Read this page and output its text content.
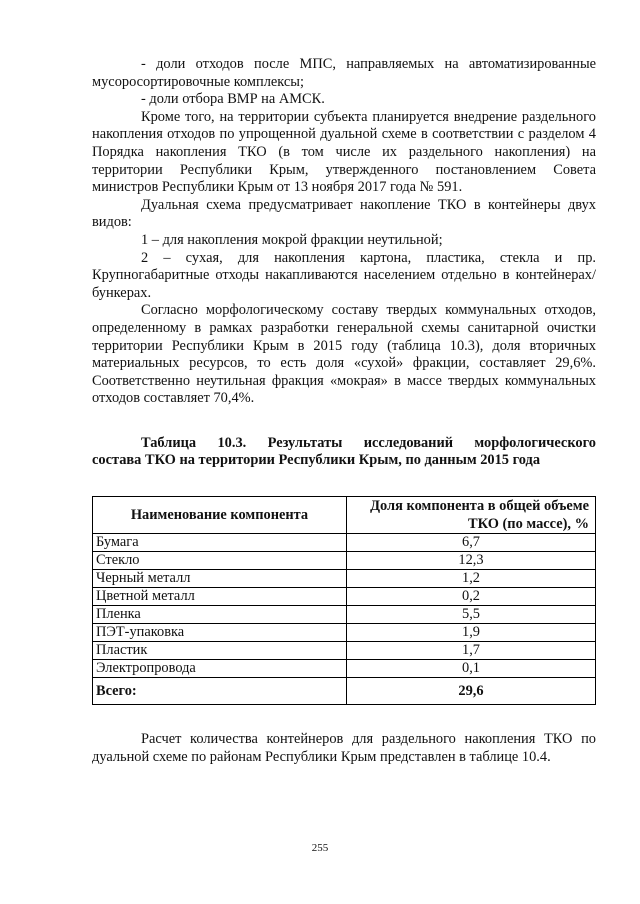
- доли отходов после МПС, направляемых на автоматизированные мусоросортировочные комплексы;

- доли отбора ВМР на АМСК.

Кроме того, на территории субъекта планируется внедрение раздельного накопления отходов по упрощенной дуальной схеме в соответствии с разделом 4 Порядка накопления ТКО (в том числе их раздельного накопления) на территории Республики Крым, утвержденного постановлением Совета министров Республики Крым от 13 ноября 2017 года № 591.

Дуальная схема предусматривает накопление ТКО в контейнеры двух видов:

1 – для накопления мокрой фракции неутильной;

2 – сухая, для накопления картона, пластика, стекла и пр. Крупногабаритные отходы накапливаются населением отдельно в контейнерах/бункерах.

Согласно морфологическому составу твердых коммунальных отходов, определенному в рамках разработки генеральной схемы санитарной очистки территории Республики Крым в 2015 году (таблица 10.3), доля вторичных материальных ресурсов, то есть доля «сухой» фракции, составляет 29,6%. Соответственно неутильная фракция «мокрая» в массе твердых коммунальных отходов составляет 70,4%.

Таблица 10.3. Результаты исследований морфологического
состава ТКО на территории Республики Крым, по данным 2015 года
Наименование компонента	Доля компонента в общей объеме ТКО (по массе), %
Бумага	6,7
Стекло	12,3
Черный металл	1,2
Цветной металл	0,2
Пленка	5,5
ПЭТ-упаковка	1,9
Пластик	1,7
Электропровода	0,1
Всего:	29,6

Расчет количества контейнеров для раздельного накопления ТКО по дуальной схеме по районам Республики Крым представлен в таблице 10.4.

255
